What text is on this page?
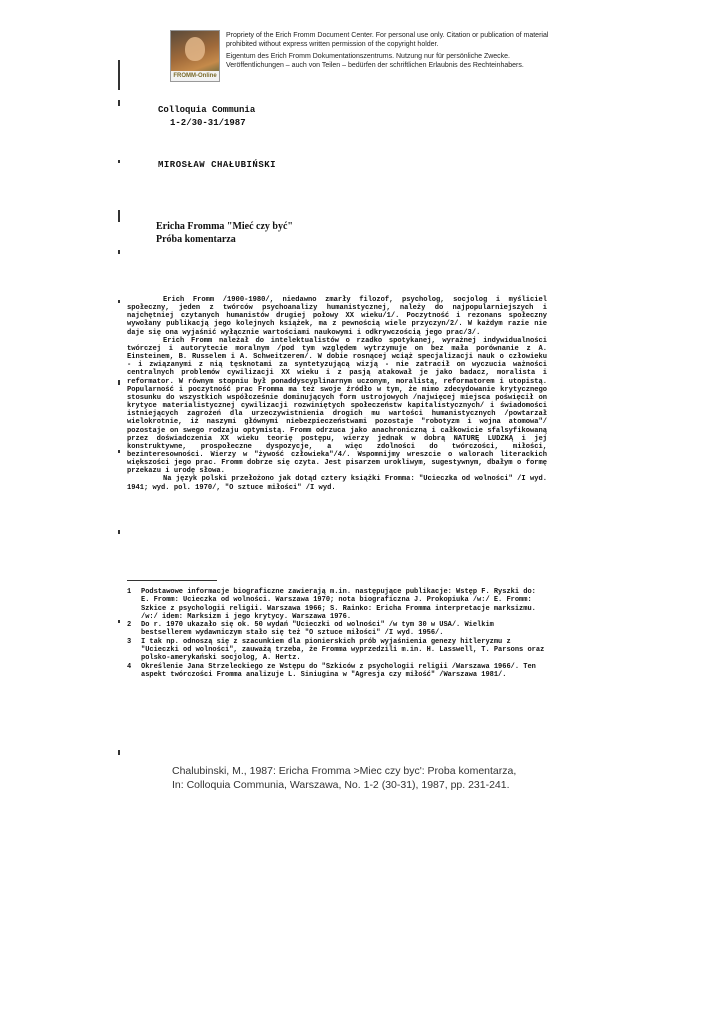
FROMM-Online

Propriety of the Erich Fromm Document Center. For personal use only. Citation or publication of material prohibited without express written permission of the copyright holder.

Eigentum des Erich Fromm Dokumentationszentrums. Nutzung nur für persönliche Zwecke. Veröffentlichungen – auch von Teilen – bedürfen der schriftlichen Erlaubnis des Rechteinhabers.

Colloquia Communia
1-2/30-31/1987
MIROSŁAW CHAŁUBIŃSKI
Ericha Fromma "Mieć czy być"
Próba komentarza

Erich Fromm /1900-1980/, niedawno zmarły filozof, psycholog, socjolog i myśliciel społeczny, jeden z twórców psychoanalizy humanistycznej, należy do najpopularniejszych i najchętniej czytanych humanistów drugiej połowy XX wieku/1/. Poczytność i rezonans społeczny wywołany publikacją jego kolejnych książek, ma z pewnością wiele przyczyn/2/. W każdym razie nie daje się ona wyjaśnić wyłącznie wartościami naukowymi i odkrywczością jego prac/3/.

Erich Fromm należał do intelektualistów o rzadko spotykanej, wyrażnej indywidualności twórczej i autorytecie moralnym /pod tym względem wytrzymuje on bez mała porównanie z A. Einsteinem, B. Russelem i A. Schweitzerem/. W dobie rosnącej wciąż specjalizacji nauk o człowieku - i związanymi z nią tęsknotami za syntetyzującą wizją - nie zatracił on wyczucia ważności centralnych problemów cywilizacji XX wieku i z pasją atakował je jako badacz, moralista i reformator. W równym stopniu był ponaddyscyplinarnym uczonym, moralistą, reformatorem i utopistą. Popularność i poczytność prac Fromma ma też swoje źródło w tym, że mimo zdecydowanie krytycznego stosunku do wszystkich współcześnie dominujących form ustrojowych /najwięcej miejsca poświęcił on krytyce materialistycznej cywilizacji rozwiniętych społeczeństw kapitalistycznych/ i świadomości istniejących zagrożeń dla urzeczywistnienia drogich mu wartości humanistycznych /powtarzał wielokrotnie, iż naszymi głównymi niebezpieczeństwami pozostaje "robotyzm i wojna atomowa"/ pozostaje on swego rodzaju optymistą. Fromm odrzuca jako anachroniczną i całkowicie sfalsyfikowaną przez doświadczenia XX wieku teorię postępu, wierzy jednak w dobrą NATURĘ LUDZKĄ i jej konstruktywne, prospołeczne dyspozycje, a więc zdolności do twórczości, miłości, bezinteresowności. Wierzy w "żywość człowieka"/4/. Wspomnijmy wreszcie o walorach literackich większości jego prac. Fromm dobrze się czyta. Jest pisarzem urokliwym, sugestywnym, dbałym o formę przekazu i urodę słowa.

Na język polski przełożono jak dotąd cztery książki Fromma: "Ucieczka od wolności" /I wyd. 1941; wyd. pol. 1970/, "O sztuce miłości" /I wyd.

1	Podstawowe informacje biograficzne zawierają m.in. następujące publikacje: Wstęp F. Ryszki do: E. Fromm: Ucieczka od wolności. Warszawa 1970; nota biograficzna J. Prokopiuka /w:/ E. Fromm: Szkice z psychologii religii. Warszawa 1966; S. Rainko: Ericha Fromma interpretacje marksizmu. /w:/ idem: Marksizm i jego krytycy. Warszawa 1976.
2	Do r. 1970 ukazało się ok. 50 wydań "Ucieczki od wolności" /w tym 30 w USA/. Wielkim bestsellerem wydawniczym stało się też "O sztuce miłości" /I wyd. 1956/.
3	I tak np. odnoszą się z szacunkiem dla pionierskich prób wyjaśnienia genezy hitleryzmu z "Ucieczki od wolności", zauważą trzeba, że Fromma wyprzedzili m.in. H. Lasswell, T. Parsons oraz polsko-amerykański socjolog, A. Hertz.
4	Określenie Jana Strzeleckiego ze Wstępu do "Szkiców z psychologii religii /Warszawa 1966/. Ten aspekt twórczości Fromma analizuje L. Siniugina w "Agresja czy miłość" /Warszawa 1981/.
Chalubinski, M., 1987: Ericha Fromma >Miec czy byc': Proba komentarza,
In: Colloquia Communia, Warszawa, No. 1-2 (30-31), 1987, pp. 231-241.
